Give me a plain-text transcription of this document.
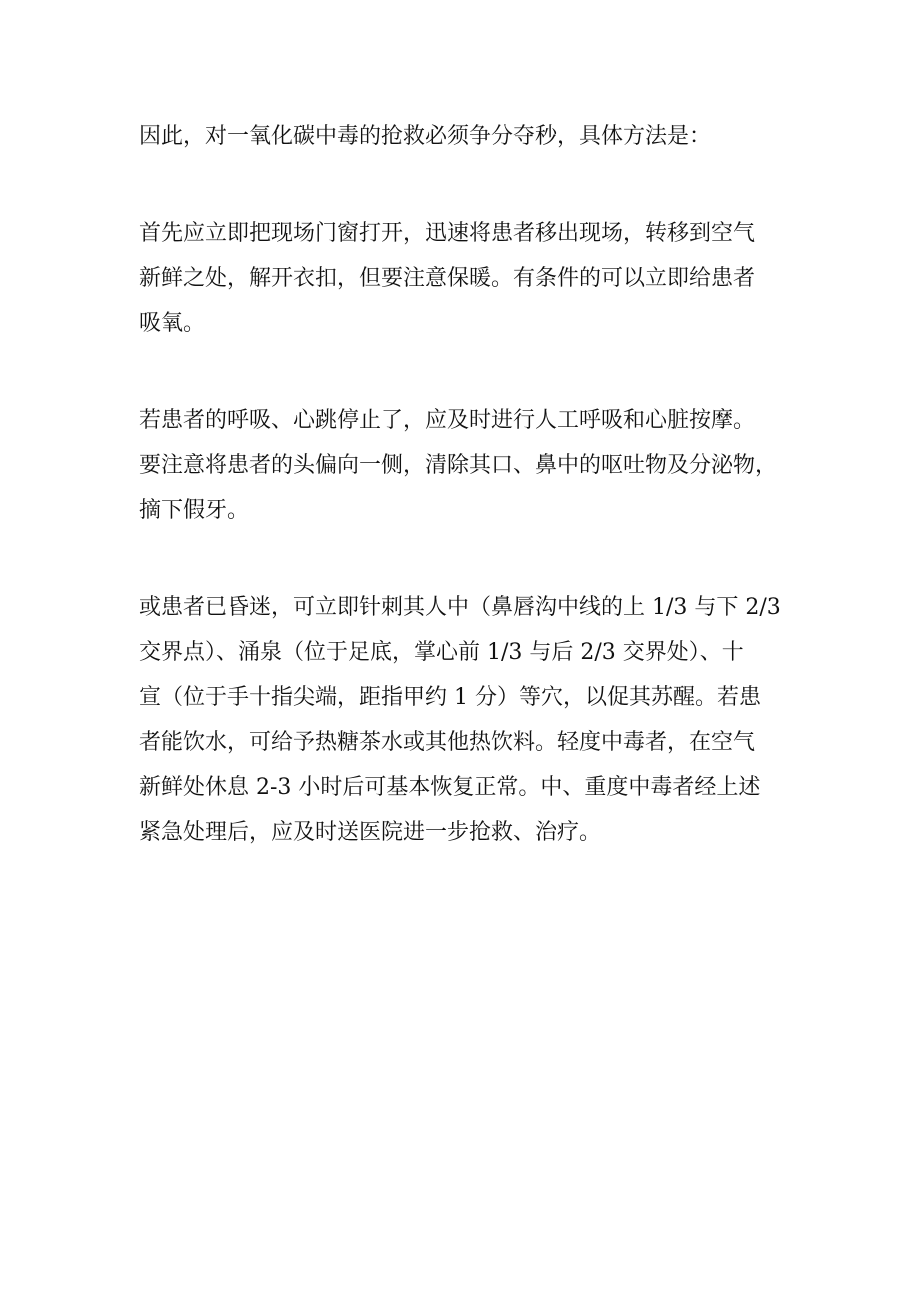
因此，对一氧化碳中毒的抢救必须争分夺秒，具体方法是：

首先应立即把现场门窗打开，迅速将患者移出现场，转移到空气
新鲜之处，解开衣扣，但要注意保暖。有条件的可以立即给患者
吸氧。

若患者的呼吸、心跳停止了，应及时进行人工呼吸和心脏按摩。
要注意将患者的头偏向一侧，清除其口、鼻中的呕吐物及分泌物，
摘下假牙。

或患者已昏迷，可立即针刺其人中（鼻唇沟中线的上 1/3 与下 2/3
交界点）、涌泉（位于足底，掌心前 1/3 与后 2/3 交界处）、十
宣（位于手十指尖端，距指甲约 1 分）等穴，以促其苏醒。若患
者能饮水，可给予热糖茶水或其他热饮料。轻度中毒者，在空气
新鲜处休息 2-3 小时后可基本恢复正常。中、重度中毒者经上述
紧急处理后，应及时送医院进一步抢救、治疗。
